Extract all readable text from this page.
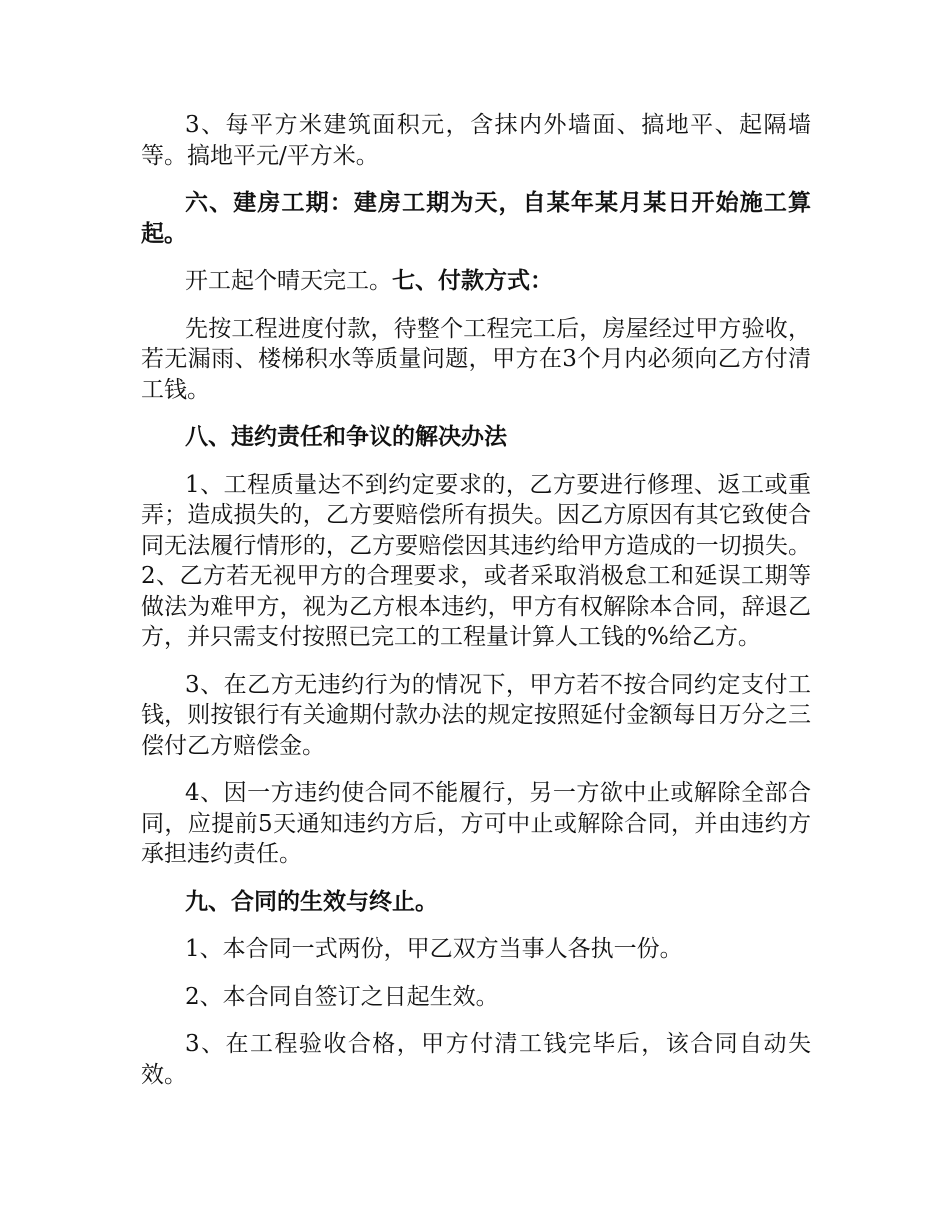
3、每平方米建筑面积元，含抹内外墙面、搞地平、起隔墙等。搞地平元/平方米。

六、建房工期：建房工期为天，自某年某月某日开始施工算起。

开工起个晴天完工。七、付款方式：

先按工程进度付款，待整个工程完工后，房屋经过甲方验收，若无漏雨、楼梯积水等质量问题，甲方在3个月内必须向乙方付清工钱。

八、违约责任和争议的解决办法

1、工程质量达不到约定要求的，乙方要进行修理、返工或重弄；造成损失的，乙方要赔偿所有损失。因乙方原因有其它致使合同无法履行情形的，乙方要赔偿因其违约给甲方造成的一切损失。2、乙方若无视甲方的合理要求，或者采取消极怠工和延误工期等做法为难甲方，视为乙方根本违约，甲方有权解除本合同，辞退乙方，并只需支付按照已完工的工程量计算人工钱的%给乙方。

3、在乙方无违约行为的情况下，甲方若不按合同约定支付工钱，则按银行有关逾期付款办法的规定按照延付金额每日万分之三偿付乙方赔偿金。

4、因一方违约使合同不能履行，另一方欲中止或解除全部合同，应提前5天通知违约方后，方可中止或解除合同，并由违约方承担违约责任。

九、合同的生效与终止。

1、本合同一式两份，甲乙双方当事人各执一份。

2、本合同自签订之日起生效。

3、在工程验收合格，甲方付清工钱完毕后，该合同自动失效。
